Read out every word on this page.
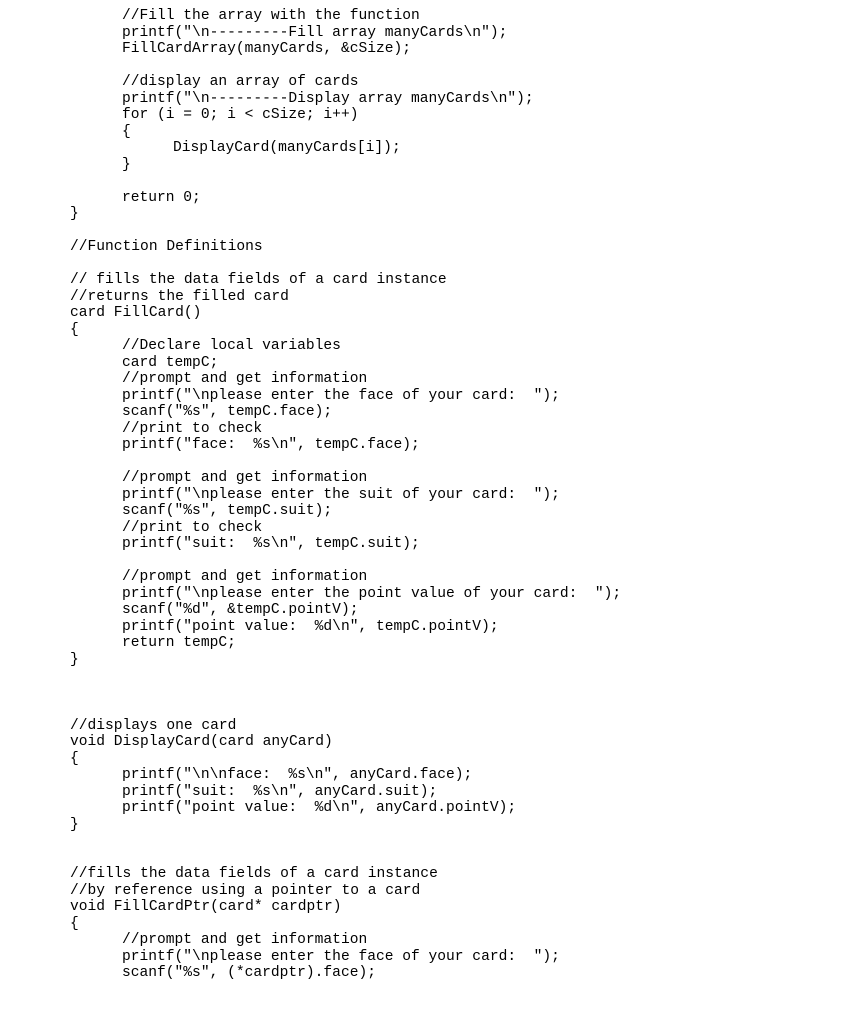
//Fill the array with the function
printf("\n---------Fill array manyCards\n");
FillCardArray(manyCards, &cSize);
//display an array of cards
printf("\n---------Display array manyCards\n");
for (i = 0; i < cSize; i++)
{
DisplayCard(manyCards[i]);
}
return 0;
}
//Function Definitions
// fills the data fields of a card instance
//returns the filled card
card FillCard()
{
//Declare local variables
card tempC;
//prompt and get information
printf("\nplease enter the face of your card:  ");
scanf("%s", tempC.face);
//print to check
printf("face:  %s\n", tempC.face);
//prompt and get information
printf("\nplease enter the suit of your card:  ");
scanf("%s", tempC.suit);
//print to check
printf("suit:  %s\n", tempC.suit);
//prompt and get information
printf("\nplease enter the point value of your card:  ");
scanf("%d", &tempC.pointV);
printf("point value:  %d\n", tempC.pointV);
return tempC;
}
//displays one card
void DisplayCard(card anyCard)
{
printf("\n\nface:  %s\n", anyCard.face);
printf("suit:  %s\n", anyCard.suit);
printf("point value:  %d\n", anyCard.pointV);
}
//fills the data fields of a card instance
//by reference using a pointer to a card
void FillCardPtr(card* cardptr)
{
//prompt and get information
printf("\nplease enter the face of your card:  ");
scanf("%s", (*cardptr).face);
